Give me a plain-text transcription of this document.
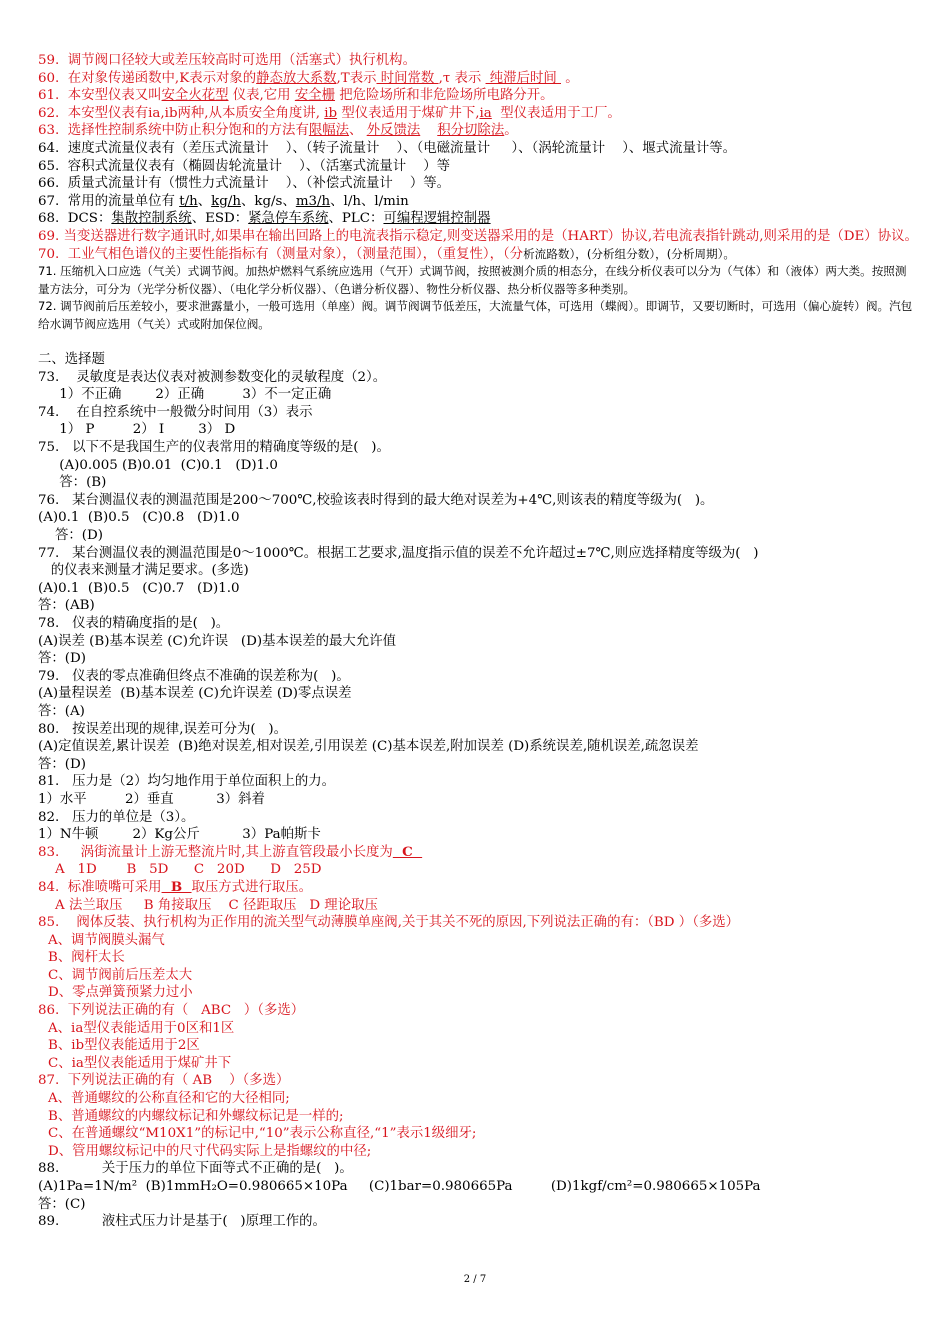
59.  调节阀口径较大或差压较高时可选用（活塞式）执行机构。
60.  在对象传递函数中,K表示对象的静态放大系数,T表示 时间常数 ,τ 表示  纯滞后时间  。
61.  本安型仪表又叫安全火花型 仪表,它用 安全栅 把危险场所和非危险场所电路分开。
62.  本安型仪表有ia,ib两种,从本质安全角度讲, ib 型仪表适用于煤矿井下,ia  型仪表适用于工厂。
63.  选择性控制系统中防止积分饱和的方法有限幅法、 外反馈法 积分切除法。
64.  速度式流量仪表有（差压式流量计    ）、（转子流量计    ）、（电磁流量计     ）、（涡轮流量计    ）、堰式流量计等。
65.  容积式流量仪表有（椭圆齿轮流量计    ）、（活塞式流量计    ）等
66.  质量式流量计有（惯性力式流量计    ）、（补偿式流量计    ）等。
67.  常用的流量单位有 t/h、kg/h、kg/s、m3/h、l/h、l/min
68.  DCS：集散控制系统、ESD：紧急停车系统、PLC：可编程逻辑控制器
69. 当变送器进行数字通讯时,如果串在输出回路上的电流表指示稳定,则变送器采用的是（HART）协议,若电流表指针跳动,则采用的是（DE）协议。
70.  工业气相色谱仪的主要性能指标有（测量对象），（测量范围），（重复性），（分析流路数），(分析组分数），(分析周期）。
71. 压缩机入口应选（气关）式调节阀。加热炉燃料气系统应选用（气开）式调节阀，按照被测介质的相态分，在线分析仪表可以分为（气体）和（液体）两大类。按照测量方法分，可分为（光学分析仪器）、（电化学分析仪器）、（色谱分析仪器）、物性分析仪器、热分析仪器等多种类别。
72. 调节阀前后压差较小，要求泄露量小，一般可选用（单座）阀。调节阀调节低差压，大流量气体，可选用（蝶阀）。即调节，又要切断时，可选用（偏心旋转）阀。汽包给水调节阀应选用（气关）式或附加保位阀。
二、选择题
73.    灵敏度是表达仪表对被测参数变化的灵敏程度（2）。
1）不正确        2）正确         3）不一定正确
74.    在自控系统中一般微分时间用（3）表示
1） P         2） I        3） D
75.   以下不是我国生产的仪表常用的精确度等级的是(   )。
(A)0.005 (B)0.01  (C)0.1   (D)1.0
答：(B)
76.   某台测温仪表的测温范围是200～700℃,校验该表时得到的最大绝对误差为+4℃,则该表的精度等级为(   )。
(A)0.1  (B)0.5   (C)0.8   (D)1.0
答：(D)
77.   某台测温仪表的测温范围是0～1000℃。根据工艺要求,温度指示值的误差不允许超过±7℃,则应选择精度等级为(   )
的仪表来测量才满足要求。(多选)
(A)0.1  (B)0.5   (C)0.7   (D)1.0
答：(AB)
78.   仪表的精确度指的是(   )。
(A)误差 (B)基本误差 (C)允许误   (D)基本误差的最大允许值
答：(D)
79.   仪表的零点准确但终点不准确的误差称为(   )。
(A)量程误差  (B)基本误差 (C)允许误差 (D)零点误差
答：(A)
80.   按误差出现的规律,误差可分为(   )。
(A)定值误差,累计误差  (B)绝对误差,相对误差,引用误差 (C)基本误差,附加误差 (D)系统误差,随机误差,疏忽误差
答：(D)
81.   压力是（2）均匀地作用于单位面积上的力。
1）水平         2）垂直          3）斜着
82.   压力的单位是（3）。
1）N牛顿        2）Kg公斤          3）Pa帕斯卡
83.     涡街流量计上游无整流片时,其上游直管段最小长度为  C
A   1D       B   5D      C   20D      D   25D
84.  标准喷嘴可采用  B  取压方式进行取压。
A 法兰取压     B 角接取压    C 径距取压   D 理论取压
85.    阀体反装、执行机构为正作用的流关型气动薄膜单座阀,关于其关不死的原因,下列说法正确的有：（BD ）（多选）
A、调节阀膜头漏气
B、阀杆太长
C、调节阀前后压差太大
D、零点弹簧预紧力过小
86.  下列说法正确的有（   ABC   ）（多选）
A、ia型仪表能适用于0区和1区
B、ib型仪表能适用于2区
C、ia型仪表能适用于煤矿井下
87.  下列说法正确的有（ AB    ）（多选）
A、普通螺纹的公称直径和它的大径相同;
B、普通螺纹的内螺纹标记和外螺纹标记是一样的;
C、在普通螺纹“M10X1”的标记中,“10”表示公称直径,“1”表示1级细牙;
D、管用螺纹标记中的尺寸代码实际上是指螺纹的中径;
88.          关于压力的单位下面等式不正确的是(   )。
(A)1Pa=1N/m²  (B)1mmH₂O=0.980665×10Pa     (C)1bar=0.980665Pa         (D)1kgf/cm²=0.980665×105Pa
答：(C)
89.          液柱式压力计是基于(   )原理工作的。
2 / 7
